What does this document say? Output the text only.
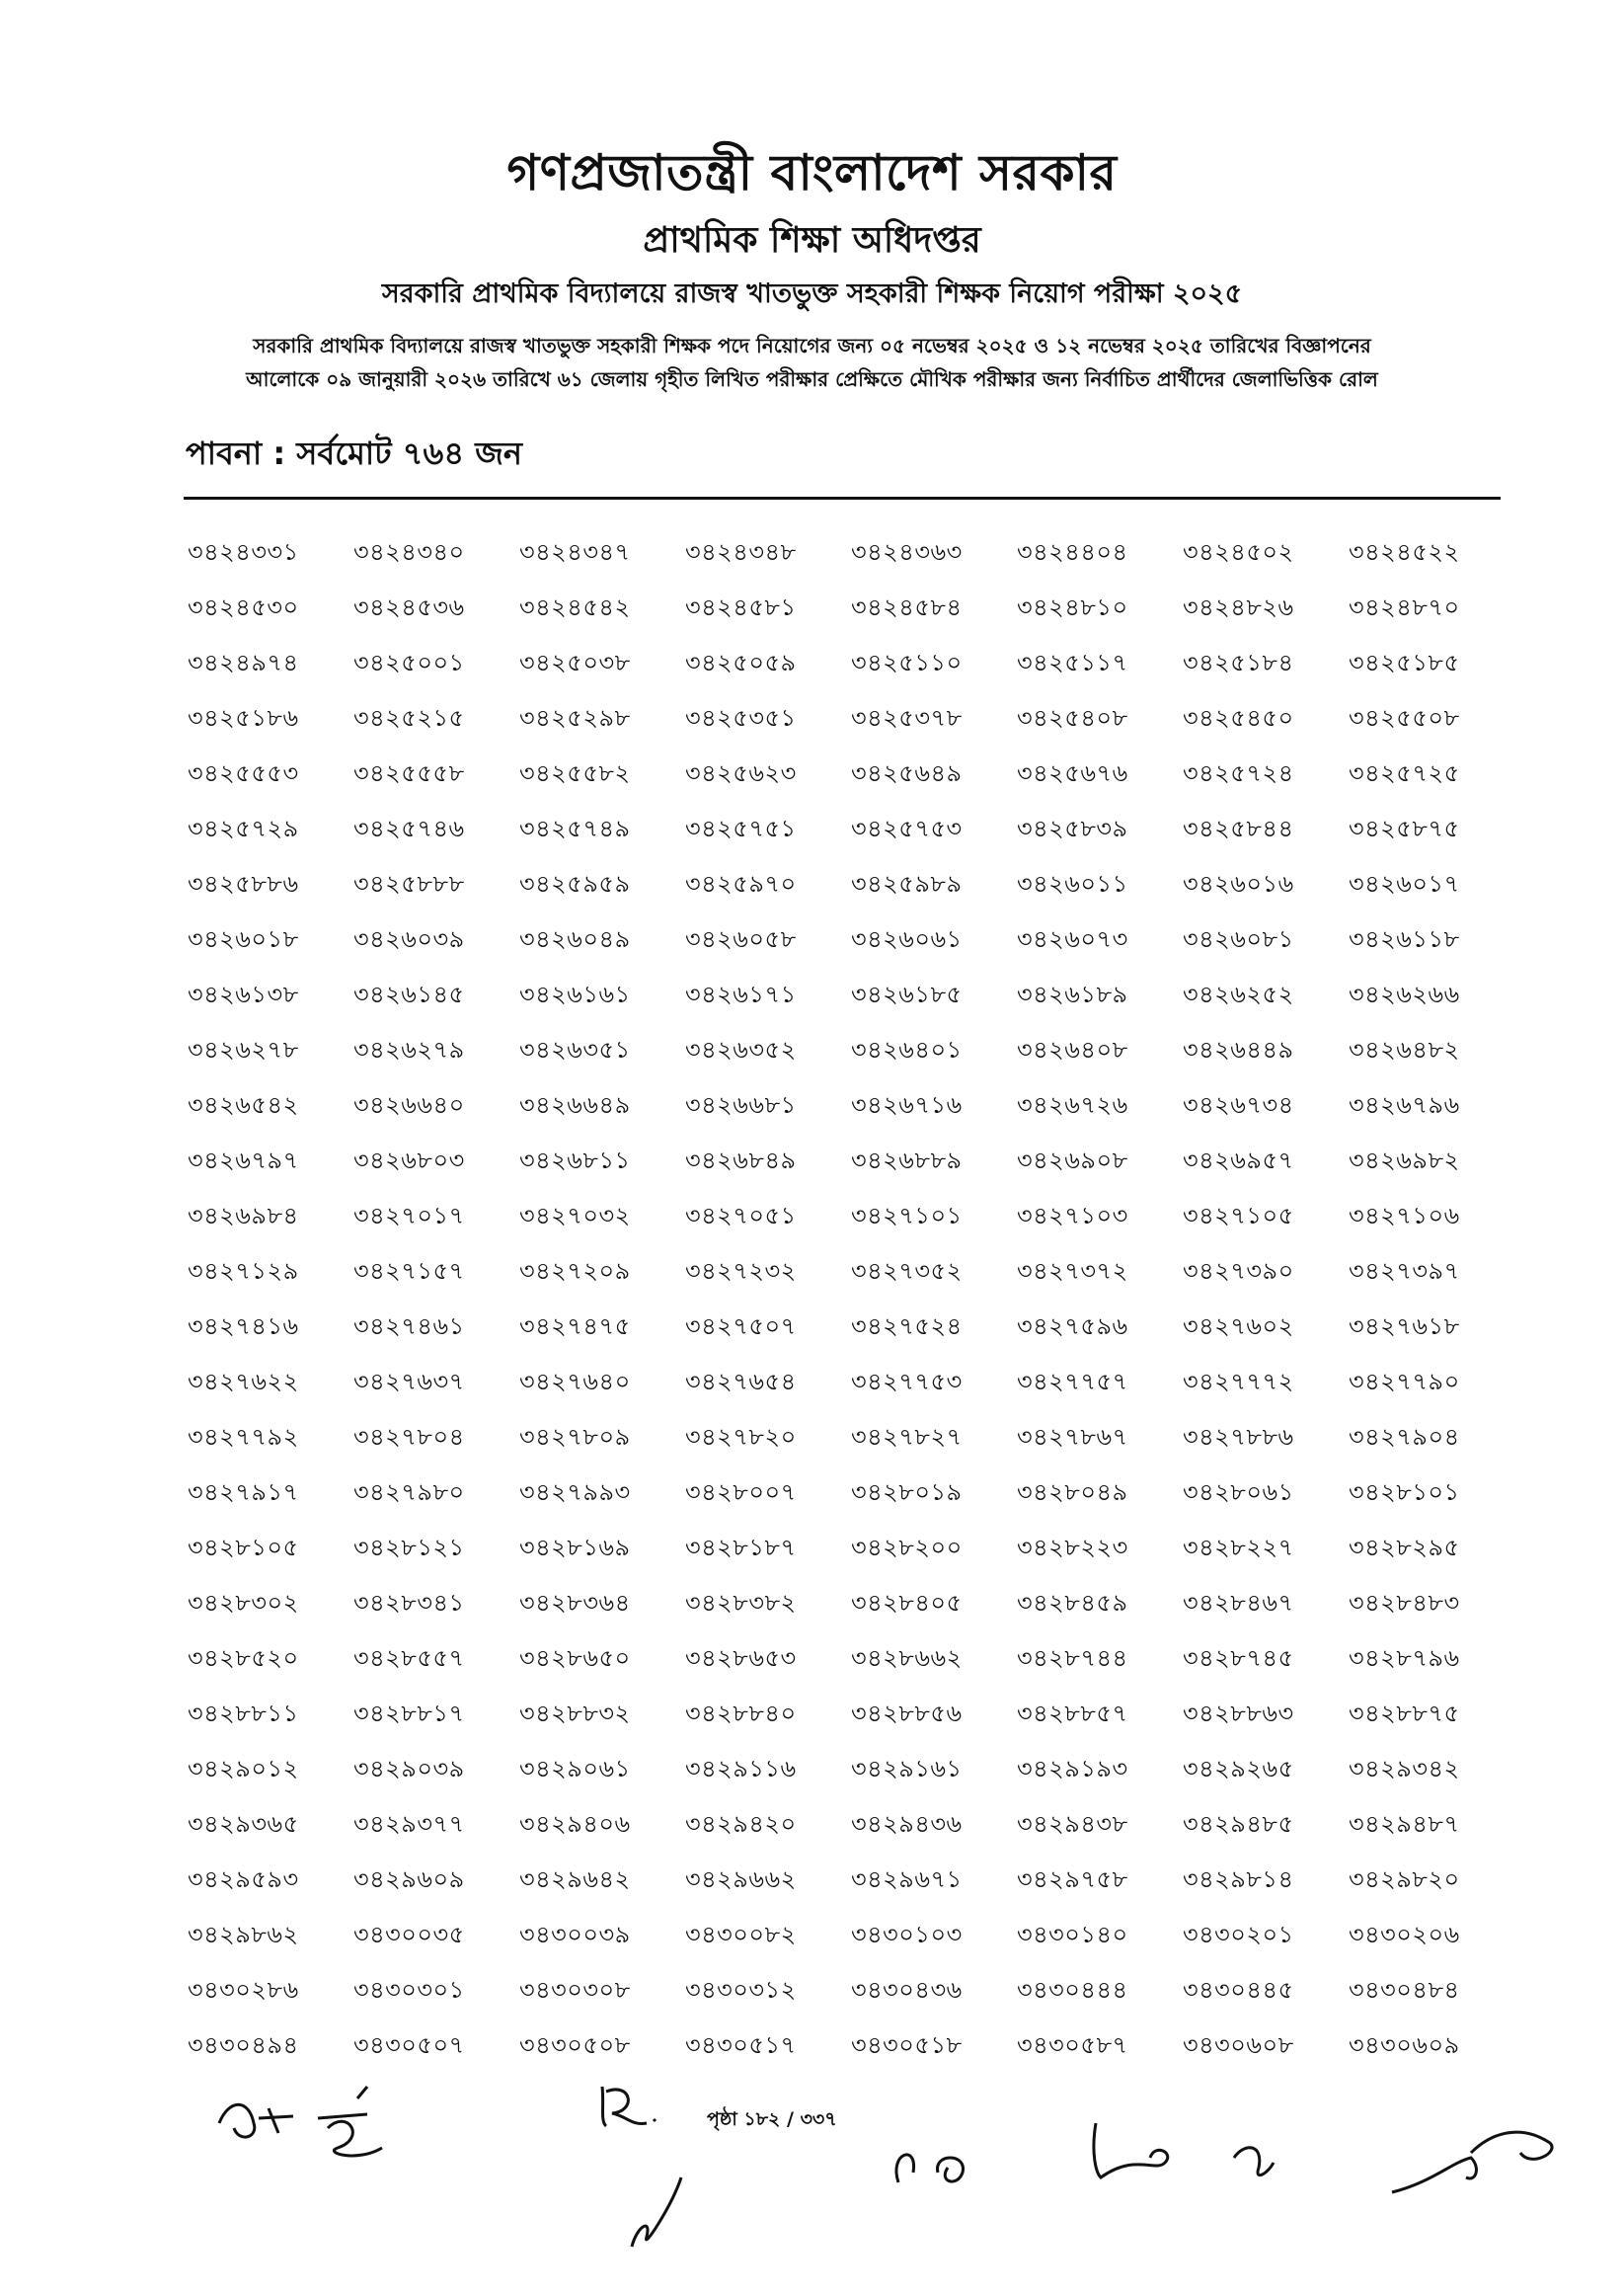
গণপ্রজাতন্ত্রী বাংলাদেশ সরকার
প্রাথমিক শিক্ষা অধিদপ্তর
সরকারি প্রাথমিক বিদ্যালয়ে রাজস্ব খাতভুক্ত সহকারী শিক্ষক নিয়োগ পরীক্ষা ২০২৫
সরকারি প্রাথমিক বিদ্যালয়ে রাজস্ব খাতভুক্ত সহকারী শিক্ষক পদে নিয়োগের জন্য ০৫ নভেম্বর ২০২৫ ও ১২ নভেম্বর ২০২৫ তারিখের বিজ্ঞাপনের
আলোকে ০৯ জানুয়ারী ২০২৬ তারিখে ৬১ জেলায় গৃহীত লিখিত পরীক্ষার প্রেক্ষিতে মৌখিক পরীক্ষার জন্য নির্বাচিত প্রার্থীদের জেলাভিত্তিক রোল
পাবনা : সর্বমোট ৭৬৪ জন
৩৪২৪৩৩১	৩৪২৪৩৪০	৩৪২৪৩৪৭	৩৪২৪৩৪৮	৩৪২৪৩৬৩	৩৪২৪৪০৪	৩৪২৪৫০২	৩৪২৪৫২২
৩৪২৪৫৩০	৩৪২৪৫৩৬	৩৪২৪৫৪২	৩৪২৪৫৮১	৩৪২৪৫৮৪	৩৪২৪৮১০	৩৪২৪৮২৬	৩৪২৪৮৭০
৩৪২৪৯৭৪	৩৪২৫০০১	৩৪২৫০৩৮	৩৪২৫০৫৯	৩৪২৫১১০	৩৪২৫১১৭	৩৪২৫১৮৪	৩৪২৫১৮৫
৩৪২৫১৮৬	৩৪২৫২১৫	৩৪২৫২৯৮	৩৪২৫৩৫১	৩৪২৫৩৭৮	৩৪২৫৪০৮	৩৪২৫৪৫০	৩৪২৫৫০৮
৩৪২৫৫৫৩	৩৪২৫৫৫৮	৩৪২৫৫৮২	৩৪২৫৬২৩	৩৪২৫৬৪৯	৩৪২৫৬৭৬	৩৪২৫৭২৪	৩৪২৫৭২৫
৩৪২৫৭২৯	৩৪২৫৭৪৬	৩৪২৫৭৪৯	৩৪২৫৭৫১	৩৪২৫৭৫৩	৩৪২৫৮৩৯	৩৪২৫৮৪৪	৩৪২৫৮৭৫
৩৪২৫৮৮৬	৩৪২৫৮৮৮	৩৪২৫৯৫৯	৩৪২৫৯৭০	৩৪২৫৯৮৯	৩৪২৬০১১	৩৪২৬০১৬	৩৪২৬০১৭
৩৪২৬০১৮	৩৪২৬০৩৯	৩৪২৬০৪৯	৩৪২৬০৫৮	৩৪২৬০৬১	৩৪২৬০৭৩	৩৪২৬০৮১	৩৪২৬১১৮
৩৪২৬১৩৮	৩৪২৬১৪৫	৩৪২৬১৬১	৩৪২৬১৭১	৩৪২৬১৮৫	৩৪২৬১৮৯	৩৪২৬২৫২	৩৪২৬২৬৬
৩৪২৬২৭৮	৩৪২৬২৭৯	৩৪২৬৩৫১	৩৪২৬৩৫২	৩৪২৬৪০১	৩৪২৬৪০৮	৩৪২৬৪৪৯	৩৪২৬৪৮২
৩৪২৬৫৪২	৩৪২৬৬৪০	৩৪২৬৬৪৯	৩৪২৬৬৮১	৩৪২৬৭১৬	৩৪২৬৭২৬	৩৪২৬৭৩৪	৩৪২৬৭৯৬
৩৪২৬৭৯৭	৩৪২৬৮০৩	৩৪২৬৮১১	৩৪২৬৮৪৯	৩৪২৬৮৮৯	৩৪২৬৯০৮	৩৪২৬৯৫৭	৩৪২৬৯৮২
৩৪২৬৯৮৪	৩৪২৭০১৭	৩৪২৭০৩২	৩৪২৭০৫১	৩৪২৭১০১	৩৪২৭১০৩	৩৪২৭১০৫	৩৪২৭১০৬
৩৪২৭১২৯	৩৪২৭১৫৭	৩৪২৭২০৯	৩৪২৭২৩২	৩৪২৭৩৫২	৩৪২৭৩৭২	৩৪২৭৩৯০	৩৪২৭৩৯৭
৩৪২৭৪১৬	৩৪২৭৪৬১	৩৪২৭৪৭৫	৩৪২৭৫০৭	৩৪২৭৫২৪	৩৪২৭৫৯৬	৩৪২৭৬০২	৩৪২৭৬১৮
৩৪২৭৬২২	৩৪২৭৬৩৭	৩৪২৭৬৪০	৩৪২৭৬৫৪	৩৪২৭৭৫৩	৩৪২৭৭৫৭	৩৪২৭৭৭২	৩৪২৭৭৯০
৩৪২৭৭৯২	৩৪২৭৮০৪	৩৪২৭৮০৯	৩৪২৭৮২০	৩৪২৭৮২৭	৩৪২৭৮৬৭	৩৪২৭৮৮৬	৩৪২৭৯০৪
৩৪২৭৯১৭	৩৪২৭৯৮০	৩৪২৭৯৯৩	৩৪২৮০০৭	৩৪২৮০১৯	৩৪২৮০৪৯	৩৪২৮০৬১	৩৪২৮১০১
৩৪২৮১০৫	৩৪২৮১২১	৩৪২৮১৬৯	৩৪২৮১৮৭	৩৪২৮২০০	৩৪২৮২২৩	৩৪২৮২২৭	৩৪২৮২৯৫
৩৪২৮৩০২	৩৪২৮৩৪১	৩৪২৮৩৬৪	৩৪২৮৩৮২	৩৪২৮৪০৫	৩৪২৮৪৫৯	৩৪২৮৪৬৭	৩৪২৮৪৮৩
৩৪২৮৫২০	৩৪২৮৫৫৭	৩৪২৮৬৫০	৩৪২৮৬৫৩	৩৪২৮৬৬২	৩৪২৮৭৪৪	৩৪২৮৭৪৫	৩৪২৮৭৯৬
৩৪২৮৮১১	৩৪২৮৮১৭	৩৪২৮৮৩২	৩৪২৮৮৪০	৩৪২৮৮৫৬	৩৪২৮৮৫৭	৩৪২৮৮৬৩	৩৪২৮৮৭৫
৩৪২৯০১২	৩৪২৯০৩৯	৩৪২৯০৬১	৩৪২৯১১৬	৩৪২৯১৬১	৩৪২৯১৯৩	৩৪২৯২৬৫	৩৪২৯৩৪২
৩৪২৯৩৬৫	৩৪২৯৩৭৭	৩৪২৯৪০৬	৩৪২৯৪২০	৩৪২৯৪৩৬	৩৪২৯৪৩৮	৩৪২৯৪৮৫	৩৪২৯৪৮৭
৩৪২৯৫৯৩	৩৪২৯৬০৯	৩৪২৯৬৪২	৩৪২৯৬৬২	৩৪২৯৬৭১	৩৪২৯৭৫৮	৩৪২৯৮১৪	৩৪২৯৮২০
৩৪২৯৮৬২	৩৪৩০০৩৫	৩৪৩০০৩৯	৩৪৩০০৮২	৩৪৩০১০৩	৩৪৩০১৪০	৩৪৩০২০১	৩৪৩০২০৬
৩৪৩০২৮৬	৩৪৩০৩০১	৩৪৩০৩০৮	৩৪৩০৩১২	৩৪৩০৪৩৬	৩৪৩০৪৪৪	৩৪৩০৪৪৫	৩৪৩০৪৮৪
৩৪৩০৪৯৪	৩৪৩০৫০৭	৩৪৩০৫০৮	৩৪৩০৫১৭	৩৪৩০৫১৮	৩৪৩০৫৮৭	৩৪৩০৬০৮	৩৪৩০৬০৯
পৃষ্ঠা ১৮২ / ৩৩৭
